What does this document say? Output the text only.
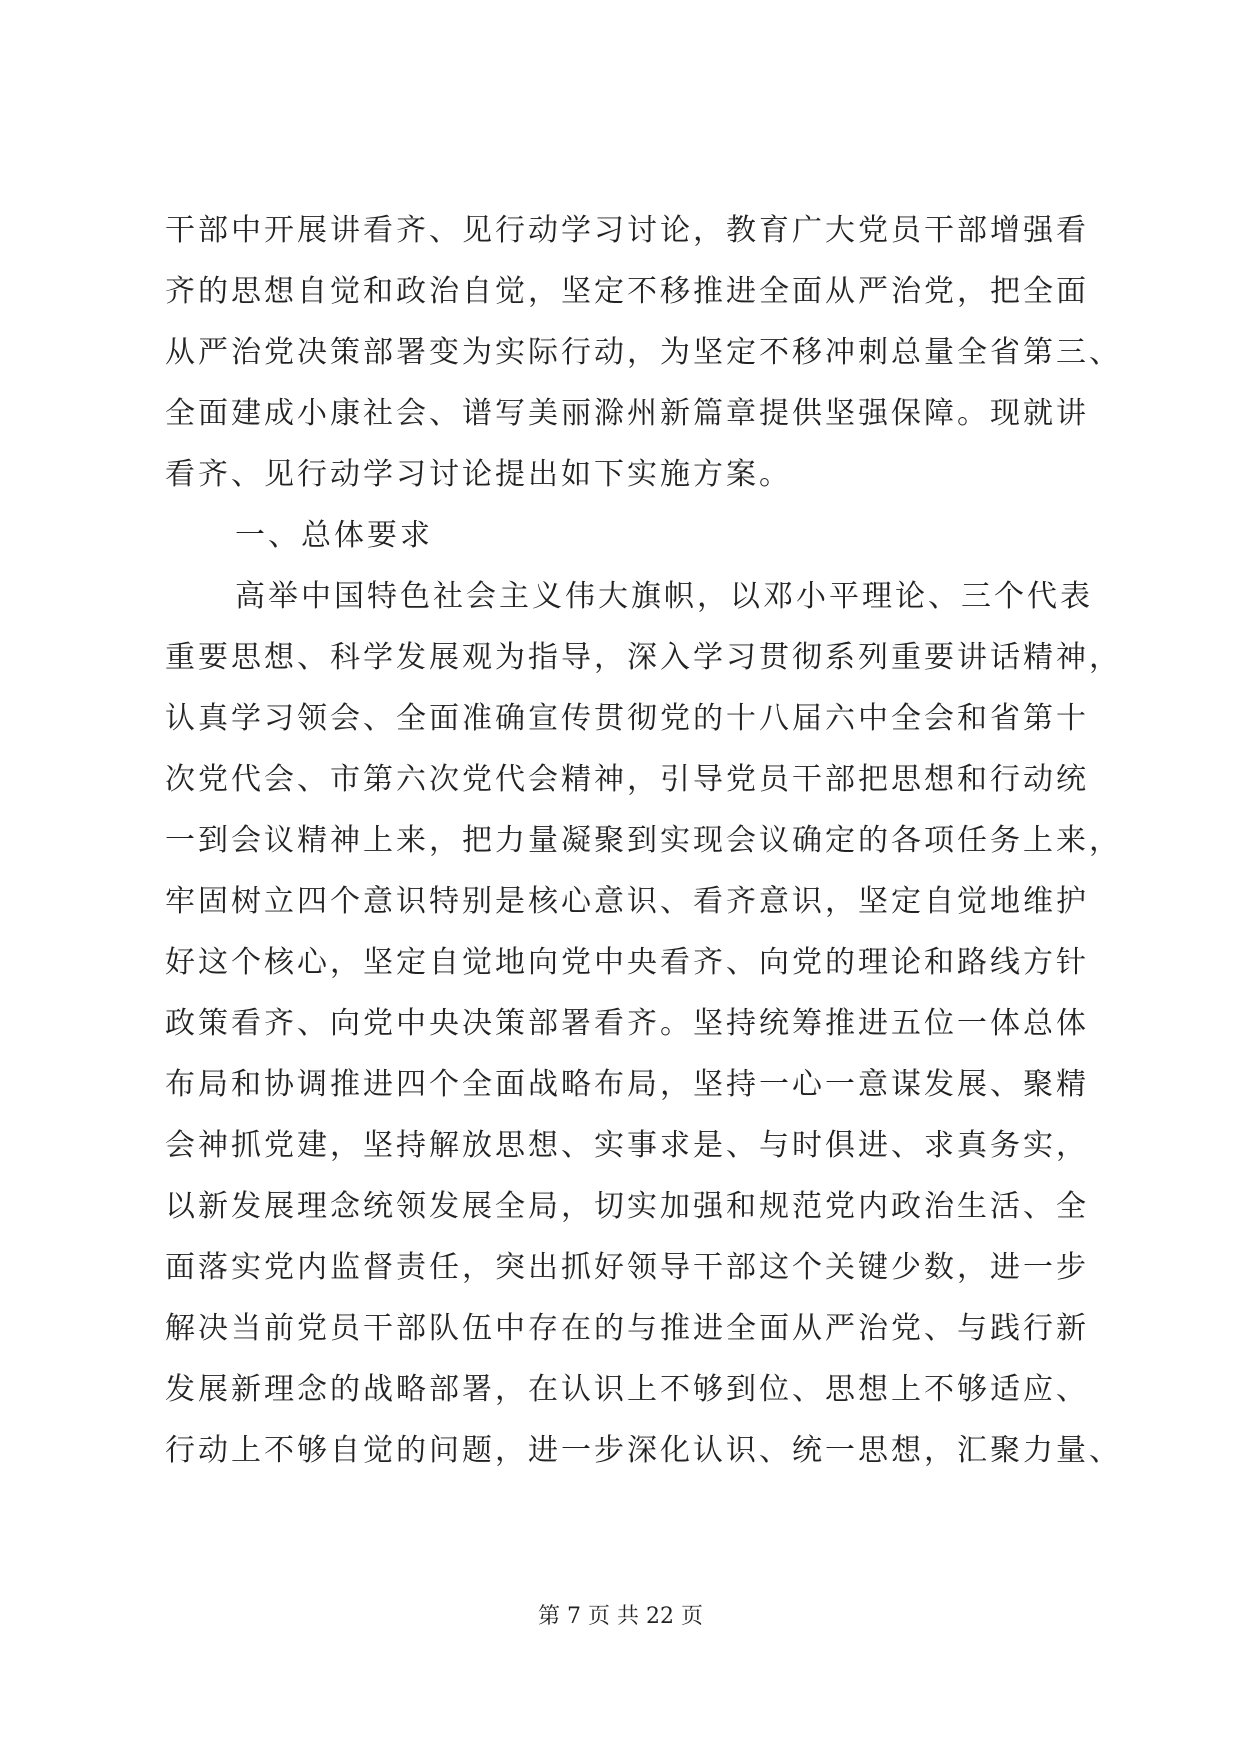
干部中开展讲看齐、见行动学习讨论，教育广大党员干部增强看
齐的思想自觉和政治自觉，坚定不移推进全面从严治党，把全面
从严治党决策部署变为实际行动，为坚定不移冲刺总量全省第三、
全面建成小康社会、谱写美丽滁州新篇章提供坚强保障。现就讲
看齐、见行动学习讨论提出如下实施方案。
一、总体要求
高举中国特色社会主义伟大旗帜，以邓小平理论、三个代表
重要思想、科学发展观为指导，深入学习贯彻系列重要讲话精神，
认真学习领会、全面准确宣传贯彻党的十八届六中全会和省第十
次党代会、市第六次党代会精神，引导党员干部把思想和行动统
一到会议精神上来，把力量凝聚到实现会议确定的各项任务上来，
牢固树立四个意识特别是核心意识、看齐意识，坚定自觉地维护
好这个核心，坚定自觉地向党中央看齐、向党的理论和路线方针
政策看齐、向党中央决策部署看齐。坚持统筹推进五位一体总体
布局和协调推进四个全面战略布局，坚持一心一意谋发展、聚精
会神抓党建，坚持解放思想、实事求是、与时俱进、求真务实，
以新发展理念统领发展全局，切实加强和规范党内政治生活、全
面落实党内监督责任，突出抓好领导干部这个关键少数，进一步
解决当前党员干部队伍中存在的与推进全面从严治党、与践行新
发展新理念的战略部署，在认识上不够到位、思想上不够适应、
行动上不够自觉的问题，进一步深化认识、统一思想，汇聚力量、
第 7 页 共 22 页
